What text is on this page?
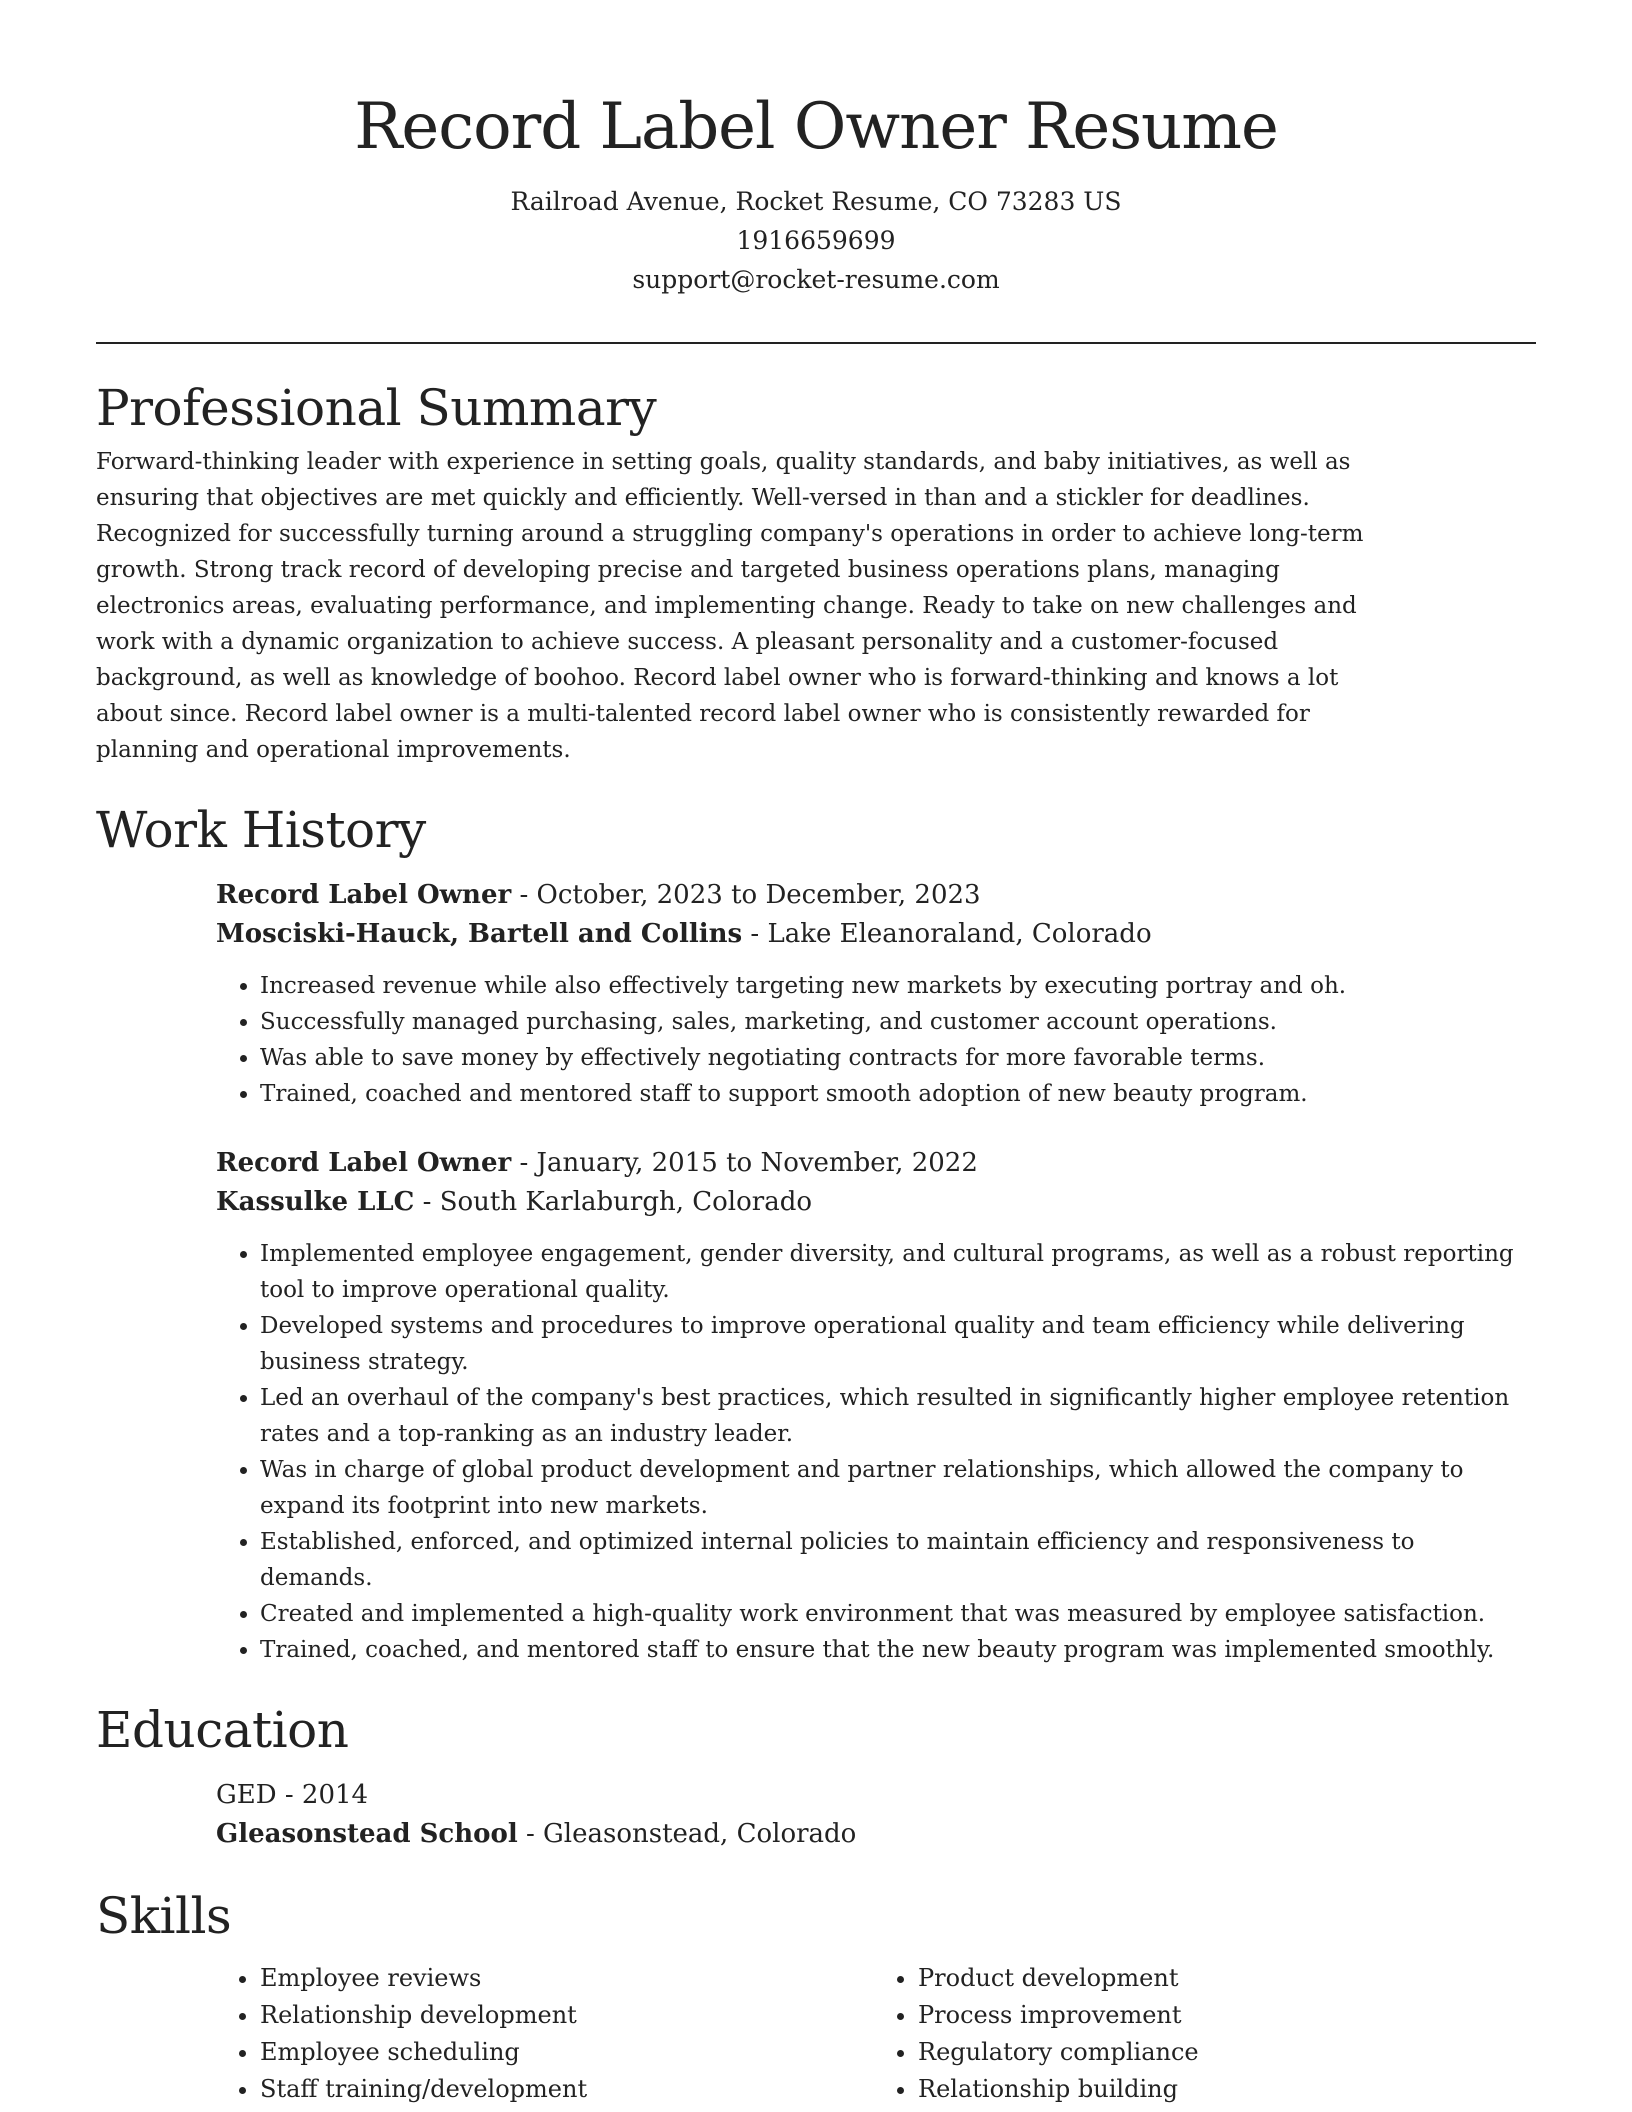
Record Label Owner Resume
Railroad Avenue, Rocket Resume, CO 73283 US
1916659699
support@rocket-resume.com
Professional Summary

Forward-thinking leader with experience in setting goals, quality standards, and baby initiatives, as well as ensuring that objectives are met quickly and efficiently. Well-versed in than and a stickler for deadlines. Recognized for successfully turning around a struggling company's operations in order to achieve long-term growth. Strong track record of developing precise and targeted business operations plans, managing electronics areas, evaluating performance, and implementing change. Ready to take on new challenges and work with a dynamic organization to achieve success. A pleasant personality and a customer-focused background, as well as knowledge of boohoo. Record label owner who is forward-thinking and knows a lot about since. Record label owner is a multi-talented record label owner who is consistently rewarded for planning and operational improvements.

Work History
Record Label Owner - October, 2023 to December, 2023
Mosciski-Hauck, Bartell and Collins - Lake Eleanoraland, Colorado
• Increased revenue while also effectively targeting new markets by executing portray and oh.
• Successfully managed purchasing, sales, marketing, and customer account operations.
• Was able to save money by effectively negotiating contracts for more favorable terms.
• Trained, coached and mentored staff to support smooth adoption of new beauty program.
Record Label Owner - January, 2015 to November, 2022
Kassulke LLC - South Karlaburgh, Colorado
• Implemented employee engagement, gender diversity, and cultural programs, as well as a robust reporting tool to improve operational quality.
• Developed systems and procedures to improve operational quality and team efficiency while delivering business strategy.
• Led an overhaul of the company's best practices, which resulted in significantly higher employee retention rates and a top-ranking as an industry leader.
• Was in charge of global product development and partner relationships, which allowed the company to expand its footprint into new markets.
• Established, enforced, and optimized internal policies to maintain efficiency and responsiveness to demands.
• Created and implemented a high-quality work environment that was measured by employee satisfaction.
• Trained, coached, and mentored staff to ensure that the new beauty program was implemented smoothly.
Education
GED - 2014
Gleasonstead School - Gleasonstead, Colorado
Skills
• Employee reviews
• Relationship development
• Employee scheduling
• Staff training/development
• Product development
• Process improvement
• Regulatory compliance
• Relationship building
